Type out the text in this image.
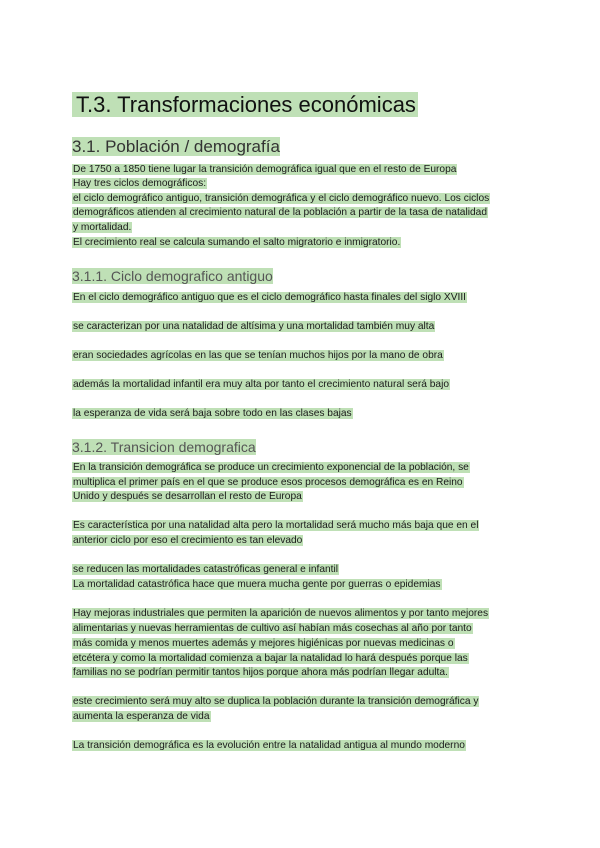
T.3. Transformaciones económicas
3.1. Población / demografía
De 1750 a 1850 tiene lugar la transición demográfica igual que en el resto de Europa
Hay tres ciclos demográficos:
el ciclo demográfico antiguo, transición demográfica y el ciclo demográfico nuevo. Los ciclos
demográficos atienden al crecimiento natural de la población a partir de la tasa de natalidad
y mortalidad.
El crecimiento real se calcula sumando el salto migratorio e inmigratorio.
3.1.1. Ciclo demografico antiguo
En el ciclo demográfico antiguo que es el ciclo demográfico hasta finales del siglo XVIII
se caracterizan por una natalidad de altísima y una mortalidad también muy alta
eran sociedades agrícolas en las que se tenían muchos hijos por la mano de obra
además la mortalidad infantil era muy alta por tanto el crecimiento natural será bajo
la esperanza de vida será baja sobre todo en las clases bajas
3.1.2. Transicion demografica
En la transición demográfica se produce un crecimiento exponencial de la población, se
multiplica el primer país en el que se produce esos procesos demográfica es en Reino
Unido y después se desarrollan el resto de Europa
Es característica por una natalidad alta pero la mortalidad será mucho más baja que en el
anterior ciclo por eso el crecimiento es tan elevado
se reducen las mortalidades catastróficas general e infantil
La mortalidad catastrófica hace que muera mucha gente por guerras o epidemias
Hay mejoras industriales que permiten la aparición de nuevos alimentos y por tanto mejores
alimentarias y nuevas herramientas de cultivo así habían más cosechas al año por tanto
más comida y menos muertes además y mejores higiénicas por nuevas medicinas o
etcétera y como la mortalidad comienza a bajar la natalidad lo hará después porque las
familias no se podrían permitir tantos hijos porque ahora más podrían llegar adulta.
este crecimiento será muy alto se duplica la población durante la transición demográfica y
aumenta la esperanza de vida
La transición demográfica es la evolución entre la natalidad antigua al mundo moderno
